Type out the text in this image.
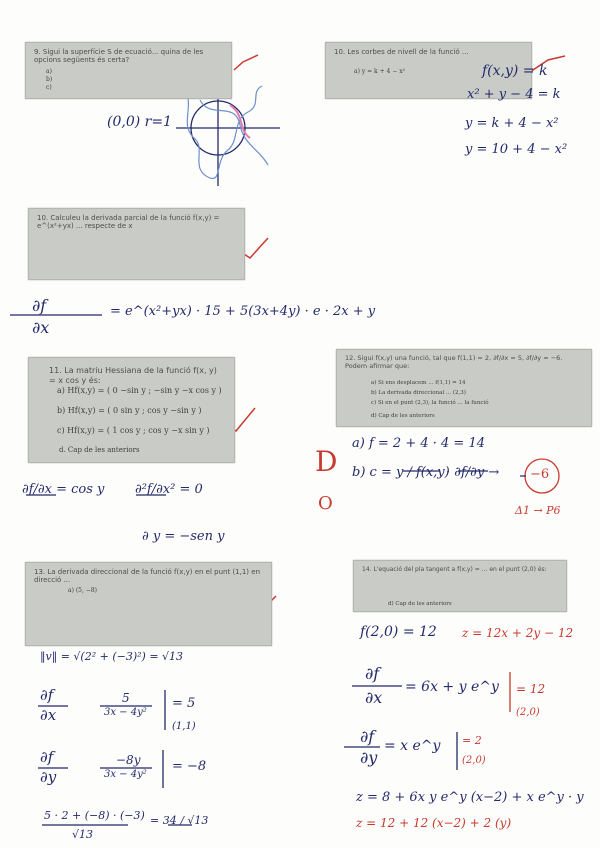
9. Sigui la superfície S de ecuació... quina de les opcions següents és certa?
a)
b)
c)
10. Les corbes de nivell de la funció ...
a) y = k + 4 − x²
10. Calculeu la derivada parcial de la funció f(x,y) = e^(x²+yx) ... respecte de x
11. La matriu Hessiana de la funció f(x, y) = x cos y és:
a) Hf(x,y) = ( 0 −sin y ; −sin y −x cos y )
b) Hf(x,y) = ( 0 sin y ; cos y −sin y )
c) Hf(x,y) = ( 1 cos y ; cos y −x sin y )
d. Cap de les anteriors
12. Sigui f(x,y) una funció, tal que f(1,1) = 2, ∂f/∂x = 5, ∂f/∂y = −6. Podem afirmar que:
a) Si ens desplacem ... f(1,1) = 14
b) La derivada direccional ... (2,3)
c) Si en el punt (2,3), la funció ... la funció
d) Cap de les anteriors
13. La derivada direccional de la funció f(x,y) en el punt (1,1) en direcció ...
a) (5, −8)
14. L'equació del pla tangent a f(x,y) = ... en el punt (2,0) és:
d) Cap de les anteriors
(0,0) r=1
f(x,y) = k
x² + y − 4 = k
y = k + 4 − x²
y = 10 + 4 − x²
∂f
∂x
= e^(x²+yx) · 15 + 5(3x+4y) · e · 2x + y
∂f/∂x = cos y ∂²f/∂x² = 0
∂ y = −sen y
D
O
a) f = 2 + 4 · 4 = 14
b) c = y / f(x,y)
· ∂f/∂y → −6
Δ1 → P6
‖v‖ = √(2² + (−3)²) = √13
∂f
∂x
5
3x − 4y²
= 5
(1,1)
∂f
∂y
−8y
3x − 4y²
= −8
5 · 2 + (−8) · (−3)
√13
= 34 / √13
f(2,0) = 12 z = 12x + 2y − 12
∂f
∂x
= 6x + y e^y = 12
(2,0)
∂f
∂y
= x e^y = 2
(2,0)
z = 8 + 6x y e^y (x−2) + x e^y · y
z = 12 + 12 (x−2) + 2 (y)
